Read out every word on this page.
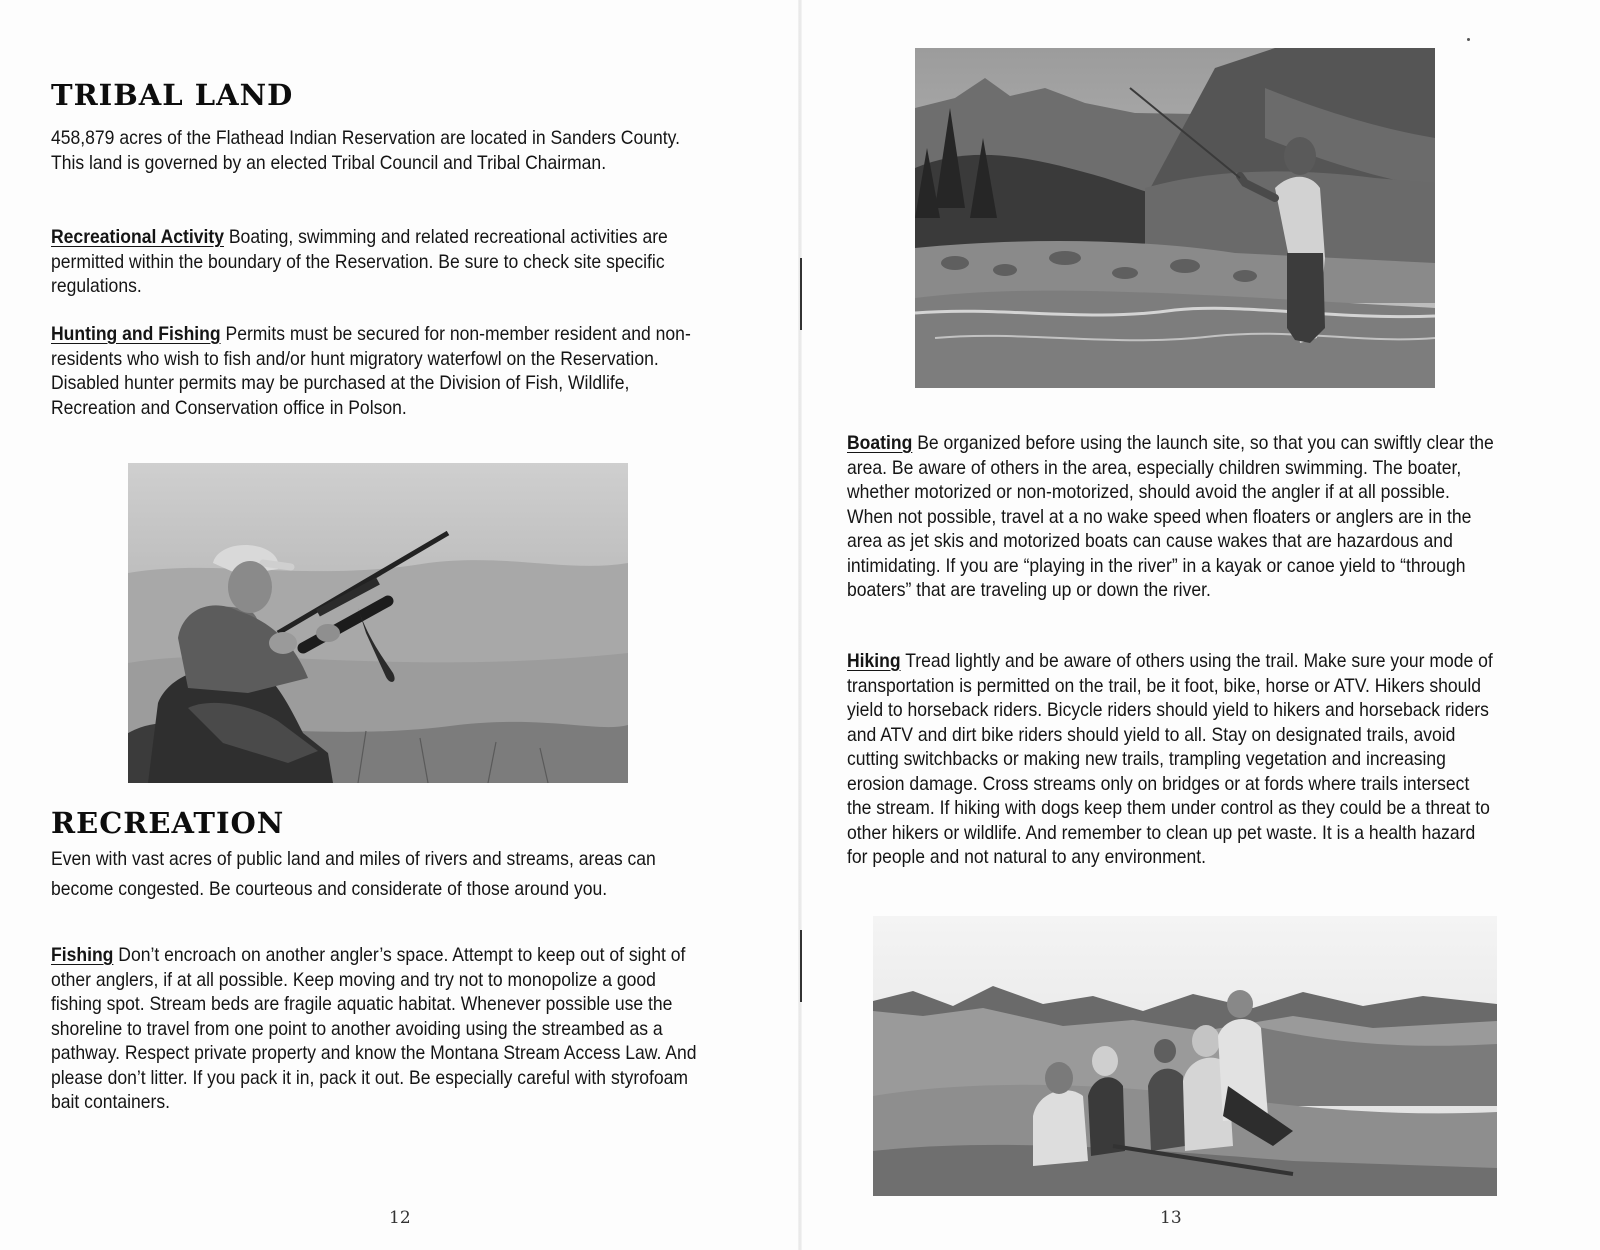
TRIBAL LAND

458,879 acres of the Flathead Indian Reservation are located in Sanders County. This land is governed by an elected Tribal Council and Tribal Chairman.

Recreational Activity Boating, swimming and related recreational activities are permitted within the boundary of the Reservation. Be sure to check site specific regulations.

Hunting and Fishing Permits must be secured for non-member resident and non-residents who wish to fish and/or hunt migratory waterfowl on the Reservation. Disabled hunter permits may be purchased at the Division of Fish, Wildlife, Recreation and Conservation office in Polson.

RECREATION

Even with vast acres of public land and miles of rivers and streams, areas can become congested. Be courteous and considerate of those around you.

Fishing Don’t encroach on another angler’s space. Attempt to keep out of sight of other anglers, if at all possible. Keep moving and try not to monopolize a good fishing spot. Stream beds are fragile aquatic habitat. Whenever possible use the shoreline to travel from one point to another avoiding using the streambed as a pathway. Respect private property and know the Montana Stream Access Law. And please don’t litter. If you pack it in, pack it out. Be especially careful with styrofoam bait containers.

12

Boating Be organized before using the launch site, so that you can swiftly clear the area. Be aware of others in the area, especially children swimming. The boater, whether motorized or non-motorized, should avoid the angler if at all possible. When not possible, travel at a no wake speed when floaters or anglers are in the area as jet skis and motorized boats can cause wakes that are hazardous and intimidating. If you are “playing in the river” in a kayak or canoe yield to “through boaters” that are traveling up or down the river.

Hiking Tread lightly and be aware of others using the trail. Make sure your mode of transportation is permitted on the trail, be it foot, bike, horse or ATV. Hikers should yield to horseback riders. Bicycle riders should yield to hikers and horseback riders and ATV and dirt bike riders should yield to all. Stay on designated trails, avoid cutting switchbacks or making new trails, trampling vegetation and increasing erosion damage. Cross streams only on bridges or at fords where trails intersect the stream. If hiking with dogs keep them under control as they could be a threat to other hikers or wildlife. And remember to clean up pet waste. It is a health hazard for people and not natural to any environment.

13
